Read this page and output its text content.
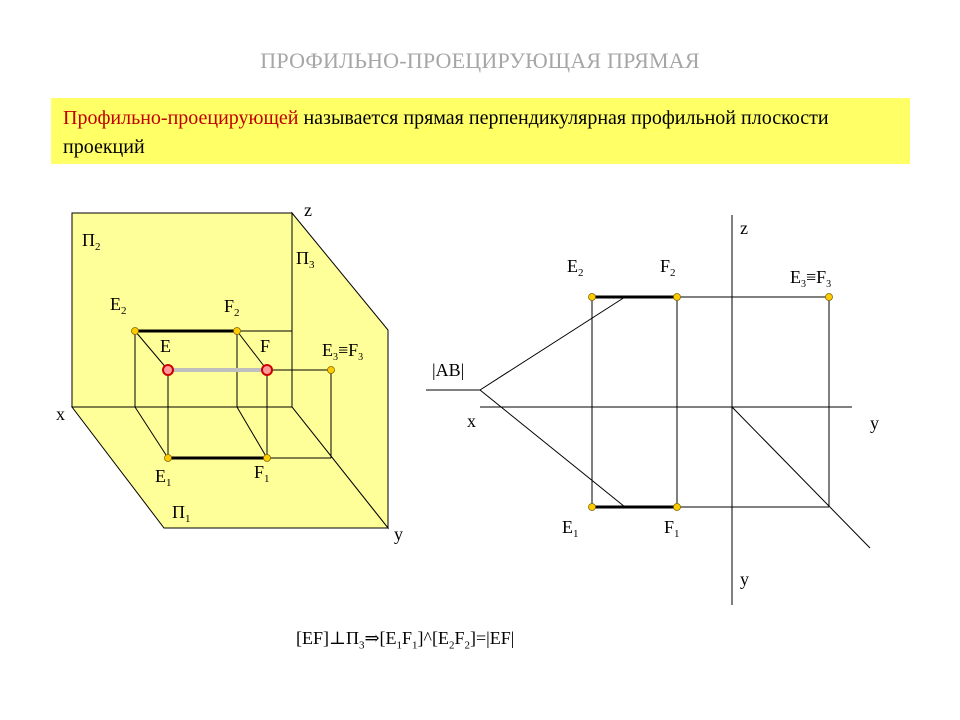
ПРОФИЛЬНО-ПРОЕЦИРУЮЩАЯ ПРЯМАЯ
Профильно-проецирующей называется прямая перпендикулярная профильной плоскости проекций
$П_2$
$П_3$
$П_1$
z
x
y
E	F
$E_2$	$F_2$
$E_1$
$F_1$
$E_3\equiv F_3$
z
x	y
y
|AB|
$E_2$	$F_2$
$E_1$	$F_1$
$E_3\equiv F_3$
$[EF]\perp П_3\Rightarrow[E_1F_1]\^{}[E_2F_2]=|EF|$
